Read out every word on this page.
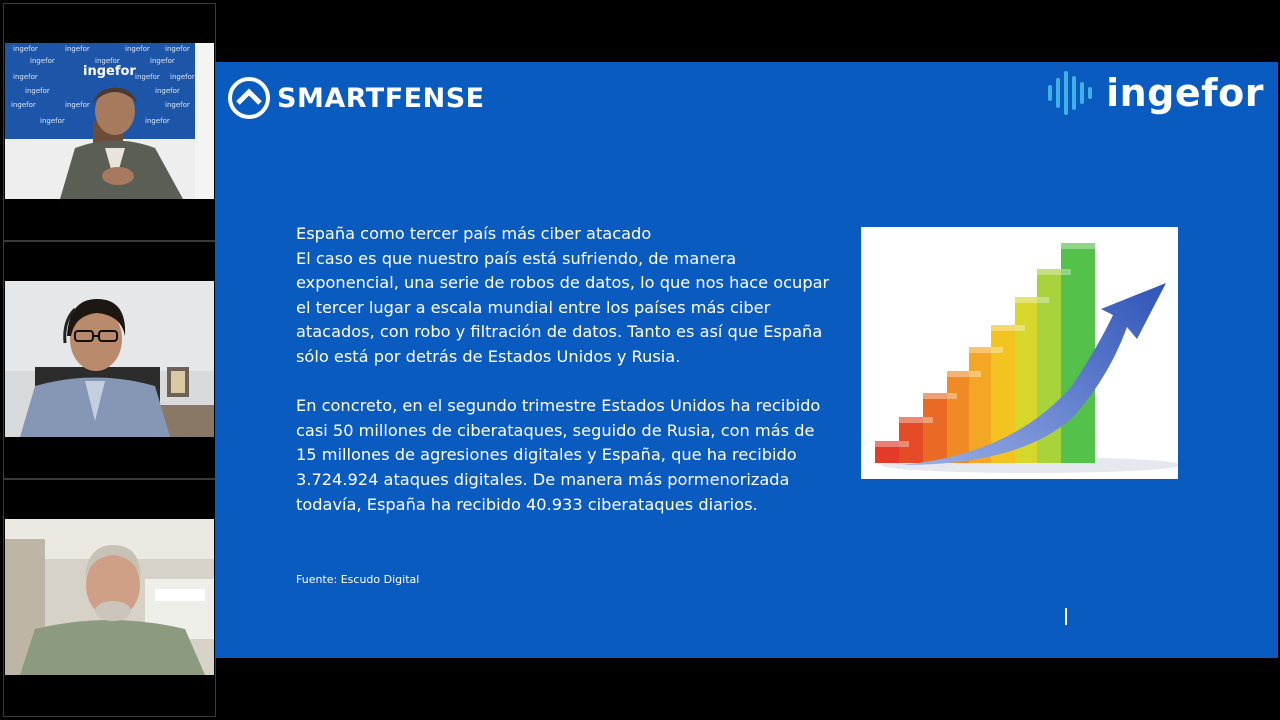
ingefor	ingefor	ingefor ingefor
ingefor	ingefor	ingefor
ingefor	ingefor ingefor
ingefor	ingefor
ingefor	ingefor	ingefor
ingefor	ingefor
ingefor
SMARTFENSE	ingefor

España como tercer país más ciber atacado

El caso es que nuestro país está sufriendo, de manera exponencial, una serie de robos de datos, lo que nos hace ocupar el tercer lugar a escala mundial entre los países más ciber atacados, con robo y filtración de datos. Tanto es así que España sólo está por detrás de Estados Unidos y Rusia.

En concreto, en el segundo trimestre Estados Unidos ha recibido casi 50 millones de ciberataques, seguido de Rusia, con más de 15 millones de agresiones digitales y España, que ha recibido 3.724.924 ataques digitales. De manera más pormenorizada todavía, España ha recibido 40.933 ciberataques diarios.

Fuente: Escudo Digital
